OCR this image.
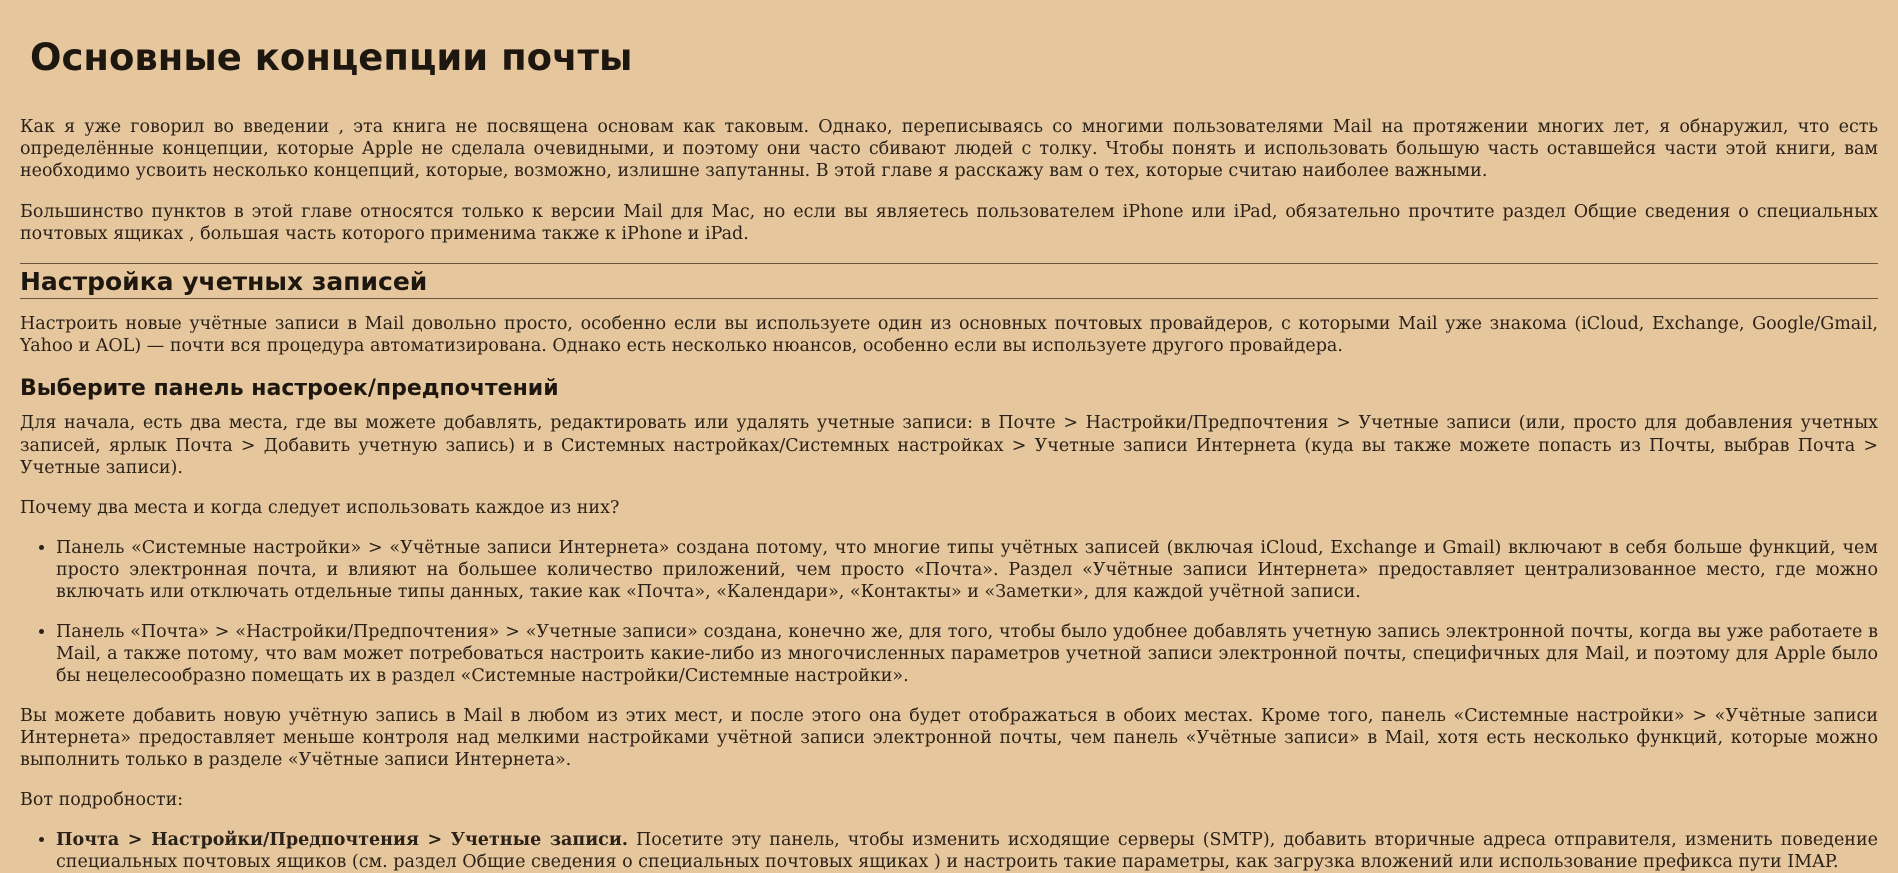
Основные концепции почты

Как я уже говорил во введении , эта книга не посвящена основам как таковым. Однако, переписываясь со многими пользователями Mail на протяжении многих лет, я обнаружил, что есть определённые концепции, которые Apple не сделала очевидными, и поэтому они часто сбивают людей с толку. Чтобы понять и использовать большую часть оставшейся части этой книги, вам необходимо усвоить несколько концепций, которые, возможно, излишне запутанны. В этой главе я расскажу вам о тех, которые считаю наиболее важными.

Большинство пунктов в этой главе относятся только к версии Mail для Mac, но если вы являетесь пользователем iPhone или iPad, обязательно прочтите раздел Общие сведения о специальных почтовых ящиках , большая часть которого применима также к iPhone и iPad.

Настройка учетных записей

Настроить новые учётные записи в Mail довольно просто, особенно если вы используете один из основных почтовых провайдеров, с которыми Mail уже знакома (iCloud, Exchange, Google/Gmail, Yahoo и AOL) — почти вся процедура автоматизирована. Однако есть несколько нюансов, особенно если вы используете другого провайдера.

Выберите панель настроек/предпочтений

Для начала, есть два места, где вы можете добавлять, редактировать или удалять учетные записи: в Почте > Настройки/Предпочтения > Учетные записи (или, просто для добавления учетных записей, ярлык Почта > Добавить учетную запись) и в Системных настройках/Системных настройках > Учетные записи Интернета (куда вы также можете попасть из Почты, выбрав Почта > Учетные записи).

Почему два места и когда следует использовать каждое из них?

• Панель «Системные настройки» > «Учётные записи Интернета» создана потому, что многие типы учётных записей (включая iCloud, Exchange и Gmail) включают в себя больше функций, чем просто электронная почта, и влияют на большее количество приложений, чем просто «Почта». Раздел «Учётные записи Интернета» предоставляет централизованное место, где можно включать или отключать отдельные типы данных, такие как «Почта», «Календари», «Контакты» и «Заметки», для каждой учётной записи.
• Панель «Почта» > «Настройки/Предпочтения» > «Учетные записи» создана, конечно же, для того, чтобы было удобнее добавлять учетную запись электронной почты, когда вы уже работаете в Mail, а также потому, что вам может потребоваться настроить какие-либо из многочисленных параметров учетной записи электронной почты, специфичных для Mail, и поэтому для Apple было бы нецелесообразно помещать их в раздел «Системные настройки/Системные настройки».

Вы можете добавить новую учётную запись в Mail в любом из этих мест, и после этого она будет отображаться в обоих местах. Кроме того, панель «Системные настройки» > «Учётные записи Интернета» предоставляет меньше контроля над мелкими настройками учётной записи электронной почты, чем панель «Учётные записи» в Mail, хотя есть несколько функций, которые можно выполнить только в разделе «Учётные записи Интернета».

Вот подробности:

• Почта > Настройки/Предпочтения > Учетные записи. Посетите эту панель, чтобы изменить исходящие серверы (SMTP), добавить вторичные адреса отправителя, изменить поведение специальных почтовых ящиков (см. раздел Общие сведения о специальных почтовых ящиках ) и настроить такие параметры, как загрузка вложений или использование префикса пути IMAP.
